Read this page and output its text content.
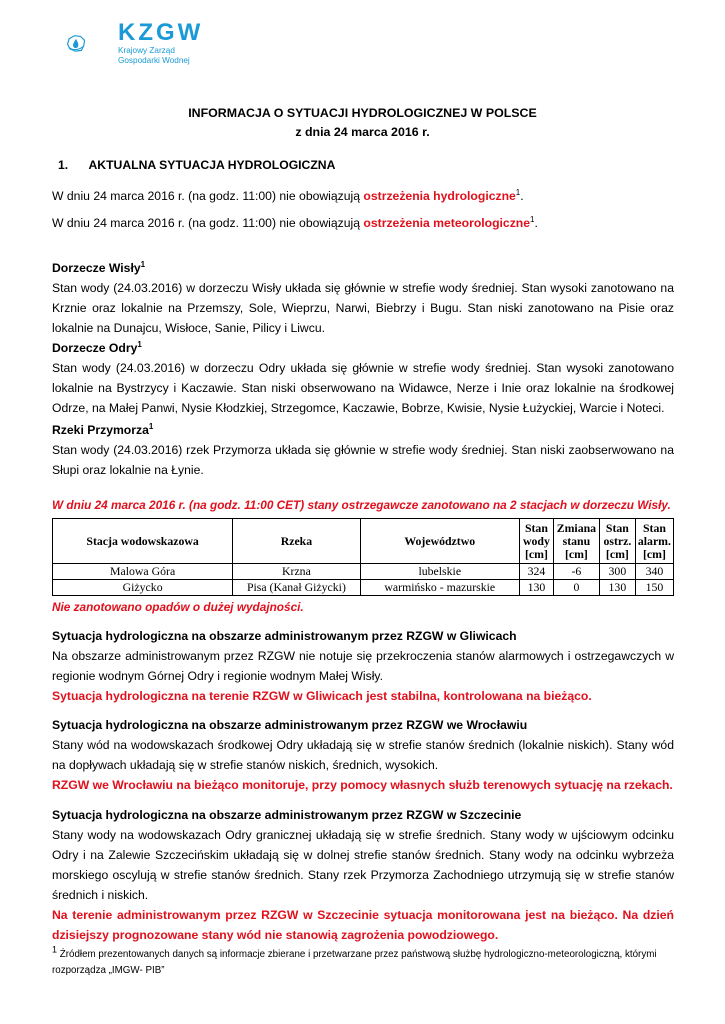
KZGW
Krajowy Zarząd
Gospodarki Wodnej
INFORMACJA O SYTUACJI HYDROLOGICZNEJ W POLSCE
z dnia 24 marca 2016 r.
1. AKTUALNA SYTUACJA HYDROLOGICZNA
W dniu 24 marca 2016 r. (na godz. 11:00) nie obowiązują ostrzeżenia hydrologiczne$^1$.
W dniu 24 marca 2016 r. (na godz. 11:00) nie obowiązują ostrzeżenia meteorologiczne$^1$.
Dorzecze Wisły$^1$
Stan wody (24.03.2016) w dorzeczu Wisły układa się głównie w strefie wody średniej. Stan wysoki zanotowano na Krznie oraz lokalnie na Przemszy, Sole, Wieprzu, Narwi, Biebrzy i Bugu. Stan niski zanotowano na Pisie oraz lokalnie na Dunajcu, Wisłoce, Sanie, Pilicy i Liwcu.
Dorzecze Odry$^1$
Stan wody (24.03.2016) w dorzeczu Odry układa się głównie w strefie wody średniej. Stan wysoki zanotowano lokalnie na Bystrzycy i Kaczawie. Stan niski obserwowano na Widawce, Nerze i Inie oraz lokalnie na środkowej Odrze, na Małej Panwi, Nysie Kłodzkiej, Strzegomce, Kaczawie, Bobrze, Kwisie, Nysie Łużyckiej, Warcie i Noteci.
Rzeki Przymorza$^1$
Stan wody (24.03.2016) rzek Przymorza układa się głównie w strefie wody średniej. Stan niski zaobserwowano na Słupi oraz lokalnie na Łynie.
W dniu 24 marca 2016 r. (na godz. 11:00 CET) stany ostrzegawcze zanotowano na 2 stacjach w dorzeczu Wisły.
Stacja wodowskazowa	Rzeka	Województwo	Stan wody [cm]	Zmiana stanu [cm]	Stan ostrz. [cm]	Stan alarm. [cm]
Malowa Góra	Krzna	lubelskie	324	-6	300	340
Giżycko	Pisa (Kanał Giżycki)	warmińsko - mazurskie	130	0	130	150
Nie zanotowano opadów o dużej wydajności.
Sytuacja hydrologiczna na obszarze administrowanym przez RZGW w Gliwicach
Na obszarze administrowanym przez RZGW nie notuje się przekroczenia stanów alarmowych i ostrzegawczych w regionie wodnym Górnej Odry i regionie wodnym Małej Wisły.
Sytuacja hydrologiczna na terenie RZGW w Gliwicach jest stabilna, kontrolowana na bieżąco.
Sytuacja hydrologiczna na obszarze administrowanym przez RZGW we Wrocławiu
Stany wód na wodowskazach środkowej Odry układają się w strefie stanów średnich (lokalnie niskich). Stany wód na dopływach układają się w strefie stanów niskich, średnich, wysokich.
RZGW we Wrocławiu na bieżąco monitoruje, przy pomocy własnych służb terenowych sytuację na rzekach.
Sytuacja hydrologiczna na obszarze administrowanym przez RZGW w Szczecinie
Stany wody na wodowskazach Odry granicznej układają się w strefie średnich. Stany wody w ujściowym odcinku Odry i na Zalewie Szczecińskim układają się w dolnej strefie stanów średnich. Stany wody na odcinku wybrzeża morskiego oscylują w strefie stanów średnich. Stany rzek Przymorza Zachodniego utrzymują się w strefie stanów średnich i niskich.
Na terenie administrowanym przez RZGW w Szczecinie sytuacja monitorowana jest na bieżąco. Na dzień dzisiejszy prognozowane stany wód nie stanowią zagrożenia powodziowego.
$^1$ Źródłem prezentowanych danych są informacje zbierane i przetwarzane przez państwową służbę hydrologiczno-meteorologiczną, którymi rozporządza „IMGW- PIB”
